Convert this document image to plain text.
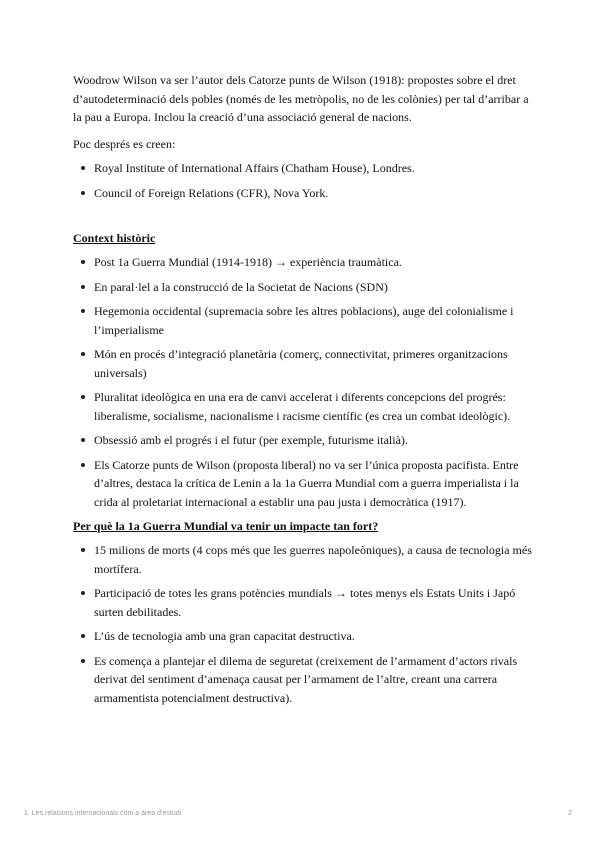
Woodrow Wilson va ser l’autor dels Catorze punts de Wilson (1918): propostes sobre el dret d’autodeterminació dels pobles (només de les metròpolis, no de les colònies) per tal d’arribar a la pau a Europa. Inclou la creació d’una associació general de nacions.

Poc després es creen:

Royal Institute of International Affairs (Chatham House), Londres.
Council of Foreign Relations (CFR), Nova York.
Context històric
Post 1a Guerra Mundial (1914-1918) → experiència traumàtica.
En paral·lel a la construcció de la Societat de Nacions (SDN)
Hegemonia occidental (supremacia sobre les altres poblacions), auge del colonialisme i l’imperialisme
Món en procés d’integració planetària (comerç, connectivitat, primeres organitzacions universals)
Pluralitat ideològica en una era de canvi accelerat i diferents concepcions del progrés: liberalisme, socialisme, nacionalisme i racisme científic (es crea un combat ideològic).
Obsessió amb el progrés i el futur (per exemple, futurisme italià).
Els Catorze punts de Wilson (proposta liberal) no va ser l’única proposta pacifista. Entre d’altres, destaca la crítica de Lenin a la 1a Guerra Mundial com a guerra imperialista i la crida al proletariat internacional a establir una pau justa i democràtica (1917).
Per què la 1a Guerra Mundial va tenir un impacte tan fort?
15 milions de morts (4 cops més que les guerres napoleòniques), a causa de tecnologia més mortífera.
Participació de totes les grans potències mundials → totes menys els Estats Units i Japó surten debilitades.
L’ús de tecnologia amb una gran capacitat destructiva.
Es comença a plantejar el dilema de seguretat (creixement de l’armament d’actors rivals derivat del sentiment d’amenaça causat per l’armament de l’altre, creant una carrera armamentista potencialment destructiva).
1. Les relacions internacionals com a àrea d’estudi	2
